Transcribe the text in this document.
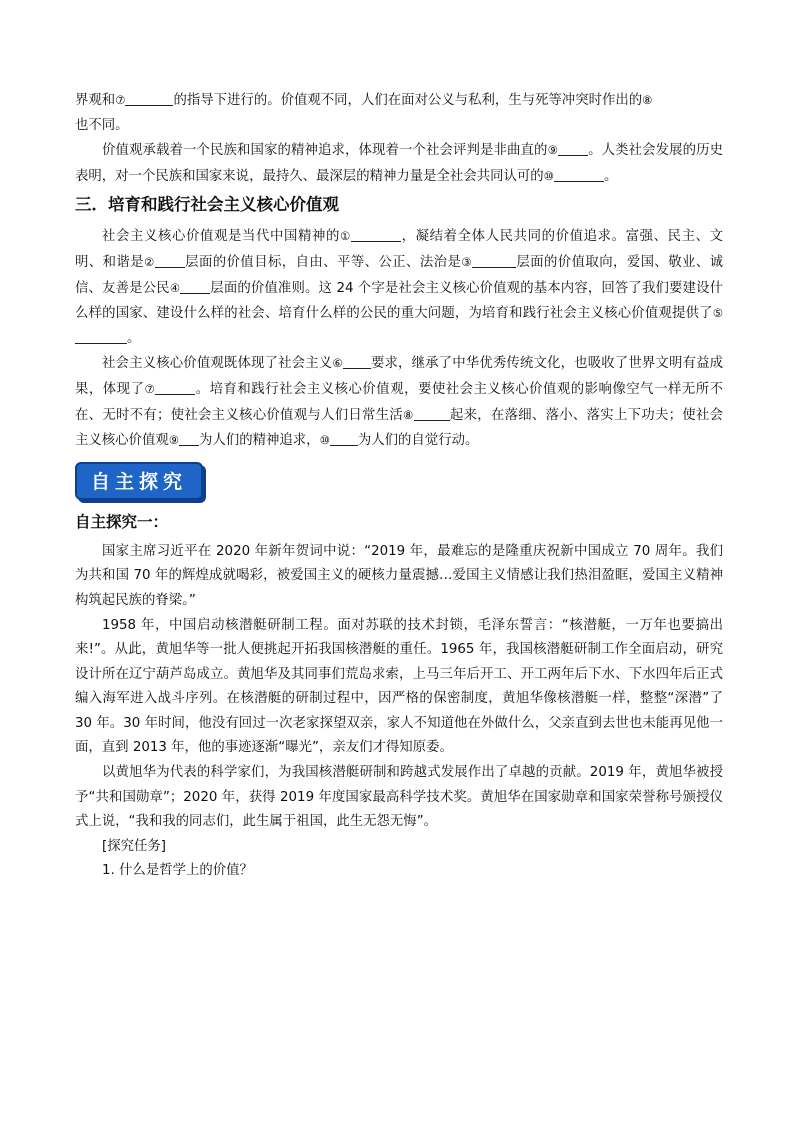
界观和⑦	的指导下进行的。价值观不同，人们在面对公义与私利，生与死等冲突时作出的⑧
也不同。

价值观承载着一个民族和国家的精神追求，体现着一个社会评判是非曲直的⑨ 。人类社会发展的历史表明，对一个民族和国家来说，最持久、最深层的精神力量是全社会共同认可的⑩	。

三．培育和践行社会主义核心价值观

社会主义核心价值观是当代中国精神的①	，凝结着全体人民共同的价值追求。富强、民主、文明、和谐是② 层面的价值目标，自由、平等、公正、法治是③	层面的价值取向，爱国、敬业、诚信、友善是公民④ 层面的价值准则。这 24 个字是社会主义核心价值观的基本内容，回答了我们要建设什么样的国家、建设什么样的社会、培育什么样的公民的重大问题，为培育和践行社会主义核心价值观提供了⑤。

社会主义核心价值观既体现了社会主义⑥ 要求，继承了中华优秀传统文化，也吸收了世界文明有益成果，体现了⑦	。培育和践行社会主义核心价值观，要使社会主义核心价值观的影响像空气一样无所不在、无时不有；使社会主义核心价值观与人们日常生活⑧	起来，在落细、落小、落实上下功夫；使社会主义核心价值观⑨ 为人们的精神追求，⑩ 为人们的自觉行动。

自主探究
自主探究一：

国家主席习近平在 2020 年新年贺词中说：“2019 年，最难忘的是隆重庆祝新中国成立 70 周年。我们为共和国 70 年的辉煌成就喝彩，被爱国主义的硬核力量震撼…爱国主义情感让我们热泪盈眶，爱国主义精神构筑起民族的脊梁。”

1958 年，中国启动核潜艇研制工程。面对苏联的技术封锁，毛泽东誓言：“核潜艇，一万年也要搞出来!”。从此，黄旭华等一批人便挑起开拓我国核潜艇的重任。1965 年，我国核潜艇研制工作全面启动，研究设计所在辽宁葫芦岛成立。黄旭华及其同事们荒岛求索，上马三年后开工、开工两年后下水、下水四年后正式编入海军进入战斗序列。在核潜艇的研制过程中，因严格的保密制度，黄旭华像核潜艇一样，整整“深潜”了 30 年。30 年时间，他没有回过一次老家探望双亲，家人不知道他在外做什么，父亲直到去世也未能再见他一面，直到 2013 年，他的事迹逐渐“曝光”，亲友们才得知原委。

以黄旭华为代表的科学家们，为我国核潜艇研制和跨越式发展作出了卓越的贡献。2019 年，黄旭华被授予“共和国勋章”；2020 年，获得 2019 年度国家最高科学技术奖。黄旭华在国家勋章和国家荣誉称号颁授仪式上说，“我和我的同志们，此生属于祖国，此生无怨无悔”。

[探究任务]

1. 什么是哲学上的价值？
